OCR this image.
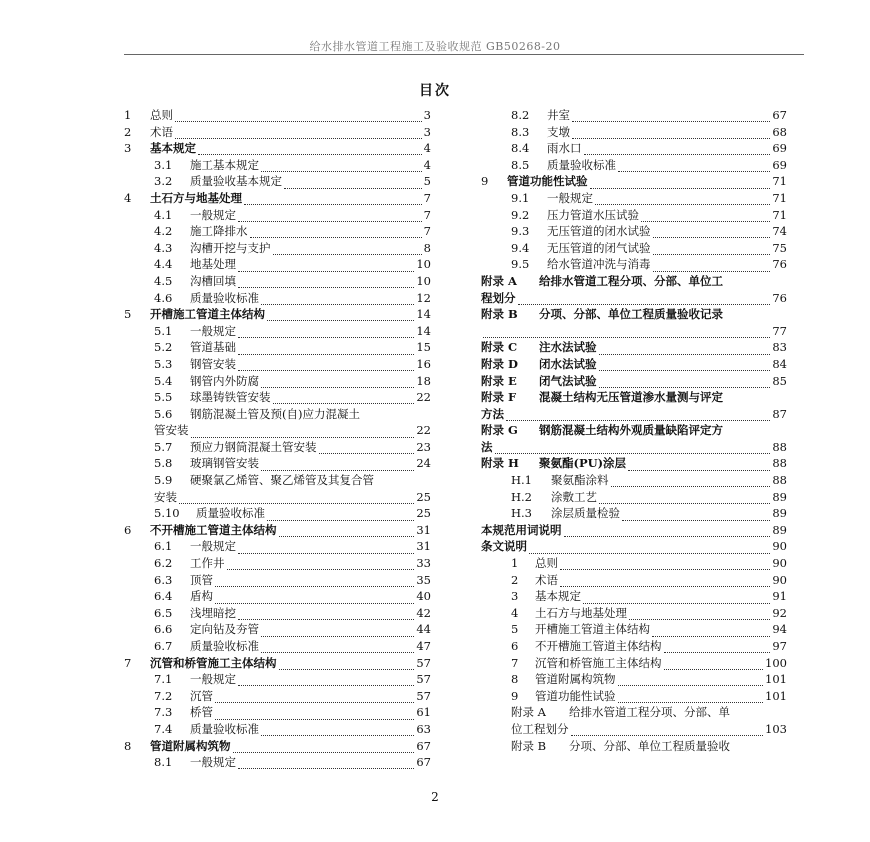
给水排水管道工程施工及验收规范 GB50268-20
目次
1	总则	3
2	术语	3
3	基本规定	4
3.1	施工基本规定	4
3.2	质量验收基本规定	5
4	土石方与地基处理	7
4.1	一般规定	7
4.2	施工降排水	7
4.3	沟槽开挖与支护	8
4.4	地基处理	10
4.5	沟槽回填	10
4.6	质量验收标准	12
5	开槽施工管道主体结构	14
5.1	一般规定	14
5.2	管道基础	15
5.3	钢管安装	16
5.4	钢管内外防腐	18
5.5	球墨铸铁管安装	22
5.6 钢筋混凝土管及预(自)应力混凝土
管安装	22
5.7	预应力钢筒混凝土管安装	23
5.8	玻璃钢管安装	24
5.9 硬聚氯乙烯管、聚乙烯管及其复合管
安装	25
5.10	质量验收标准	25
6	不开槽施工管道主体结构	31
6.1	一般规定	31
6.2	工作井	33
6.3	顶管	35
6.4	盾构	40
6.5	浅埋暗挖	42
6.6	定向钻及夯管	44
6.7	质量验收标准	47
7	沉管和桥管施工主体结构	57
7.1	一般规定	57
7.2	沉管	57
7.3	桥管	61
7.4	质量验收标准	63
8	管道附属构筑物	67
8.1	一般规定	67
8.2	井室	67
8.3	支墩	68
8.4	雨水口	69
8.5	质量验收标准	69
9	管道功能性试验	71
9.1	一般规定	71
9.2	压力管道水压试验	71
9.3	无压管道的闭水试验	74
9.4	无压管道的闭气试验	75
9.5	给水管道冲洗与消毒	76
附录 A 给排水管道工程分项、分部、单位工
程划分	76
附录 B 分项、分部、单位工程质量验收记录
77
附录 C	注水法试验	83
附录 D	闭水法试验	84
附录 E	闭气法试验	85
附录 F 混凝土结构无压管道渗水量测与评定
方法	87
附录 G 钢筋混凝土结构外观质量缺陷评定方
法	88
附录 H	聚氨酯(PU)涂层	88
H.1	聚氨酯涂料	88
H.2	涂敷工艺	89
H.3	涂层质量检验	89
本规范用词说明	89
条文说明	90
1	总则	90
2	术语	90
3	基本规定	91
4	土石方与地基处理	92
5	开槽施工管道主体结构	94
6	不开槽施工管道主体结构	97
7	沉管和桥管施工主体结构	100
8	管道附属构筑物	101
9	管道功能性试验	101
附录 A 给排水管道工程分项、分部、单
位工程划分	103
附录 B 分项、分部、单位工程质量验收
2
